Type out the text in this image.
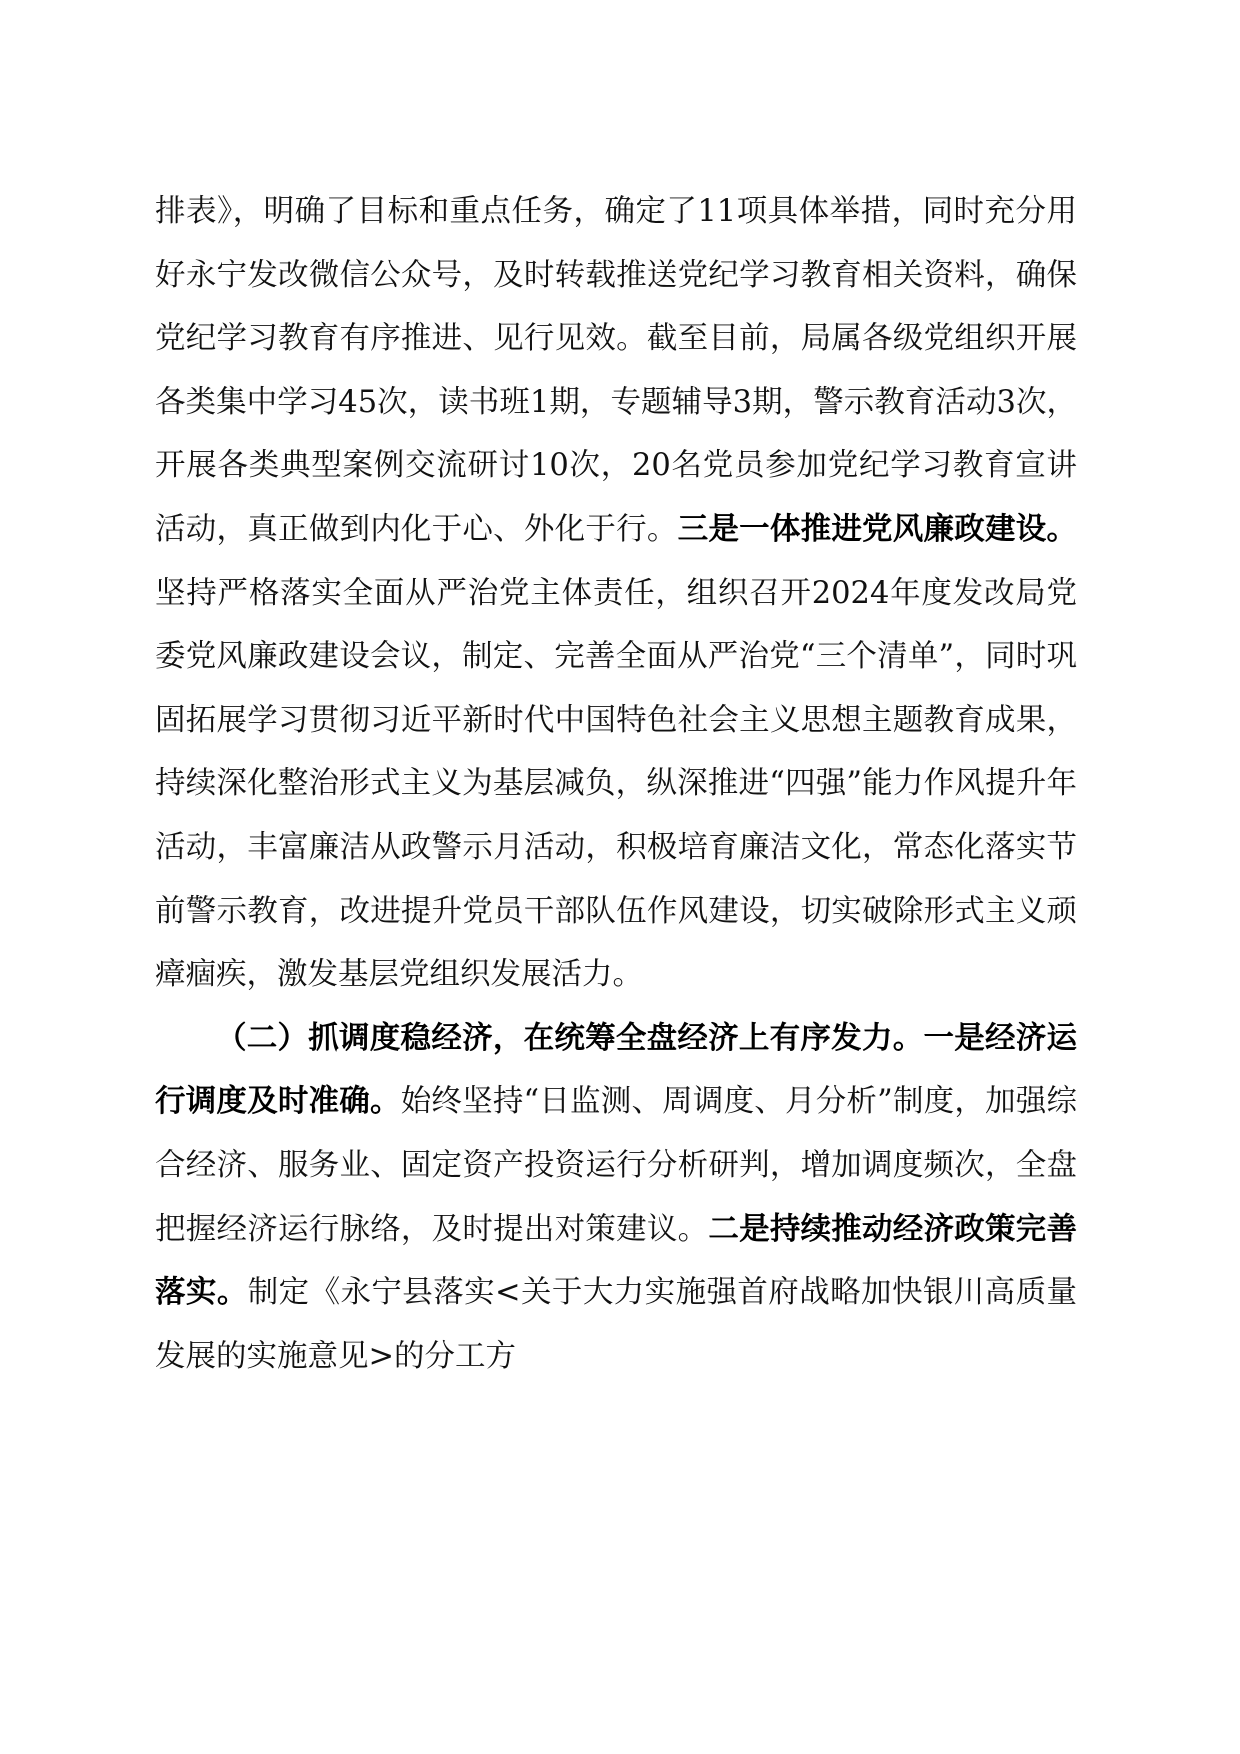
排表》，明确了目标和重点任务，确定了11项具体举措，同时充分用好永宁发改微信公众号，及时转载推送党纪学习教育相关资料，确保党纪学习教育有序推进、见行见效。截至目前，局属各级党组织开展各类集中学习45次，读书班1期，专题辅导3期，警示教育活动3次，开展各类典型案例交流研讨10次，20名党员参加党纪学习教育宣讲活动，真正做到内化于心、外化于行。三是一体推进党风廉政建设。坚持严格落实全面从严治党主体责任，组织召开2024年度发改局党委党风廉政建设会议，制定、完善全面从严治党“三个清单”，同时巩固拓展学习贯彻习近平新时代中国特色社会主义思想主题教育成果，持续深化整治形式主义为基层减负，纵深推进“四强”能力作风提升年活动，丰富廉洁从政警示月活动，积极培育廉洁文化，常态化落实节前警示教育，改进提升党员干部队伍作风建设，切实破除形式主义顽瘴痼疾，激发基层党组织发展活力。

（二）抓调度稳经济，在统筹全盘经济上有序发力。一是经济运行调度及时准确。始终坚持“日监测、周调度、月分析”制度，加强综合经济、服务业、固定资产投资运行分析研判，增加调度频次，全盘把握经济运行脉络，及时提出对策建议。二是持续推动经济政策完善落实。制定《永宁县落实<关于大力实施强首府战略加快银川高质量发展的实施意见>的分工方
